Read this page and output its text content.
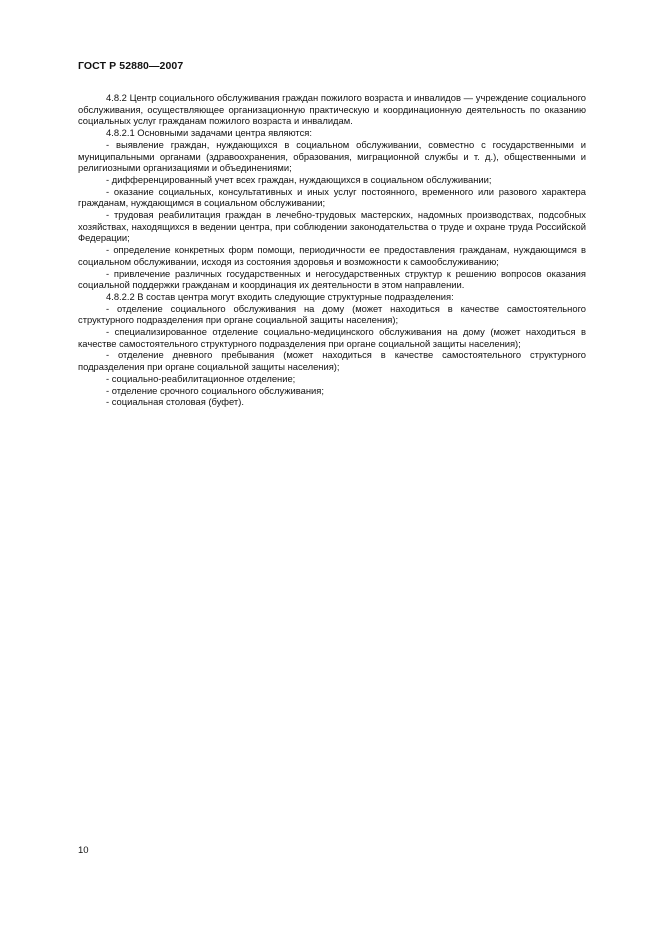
ГОСТ Р 52880—2007

4.8.2 Центр социального обслуживания граждан пожилого возраста и инвалидов — учреждение социального обслуживания, осуществляющее организационную практическую и координационную деятельность по оказанию социальных услуг гражданам пожилого возраста и инвалидам.

4.8.2.1 Основными задачами центра являются:

- выявление граждан, нуждающихся в социальном обслуживании, совместно с государственными и муниципальными органами (здравоохранения, образования, миграционной службы и т. д.), общественными и религиозными организациями и объединениями;

- дифференцированный учет всех граждан, нуждающихся в социальном обслуживании;

- оказание социальных, консультативных и иных услуг постоянного, временного или разового характера гражданам, нуждающимся в социальном обслуживании;

- трудовая реабилитация граждан в лечебно-трудовых мастерских, надомных производствах, подсобных хозяйствах, находящихся в ведении центра, при соблюдении законодательства о труде и охране труда Российской Федерации;

- определение конкретных форм помощи, периодичности ее предоставления гражданам, нуждающимся в социальном обслуживании, исходя из состояния здоровья и возможности к самообслуживанию;

- привлечение различных государственных и негосударственных структур к решению вопросов оказания социальной поддержки гражданам и координация их деятельности в этом направлении.

4.8.2.2 В состав центра могут входить следующие структурные подразделения:

- отделение социального обслуживания на дому (может находиться в качестве самостоятельного структурного подразделения при органе социальной защиты населения);

- специализированное отделение социально-медицинского обслуживания на дому (может находиться в качестве самостоятельного структурного подразделения при органе социальной защиты населения);

- отделение дневного пребывания (может находиться в качестве самостоятельного структурного подразделения при органе социальной защиты населения);

- социально-реабилитационное отделение;

- отделение срочного социального обслуживания;

- социальная столовая (буфет).

10
